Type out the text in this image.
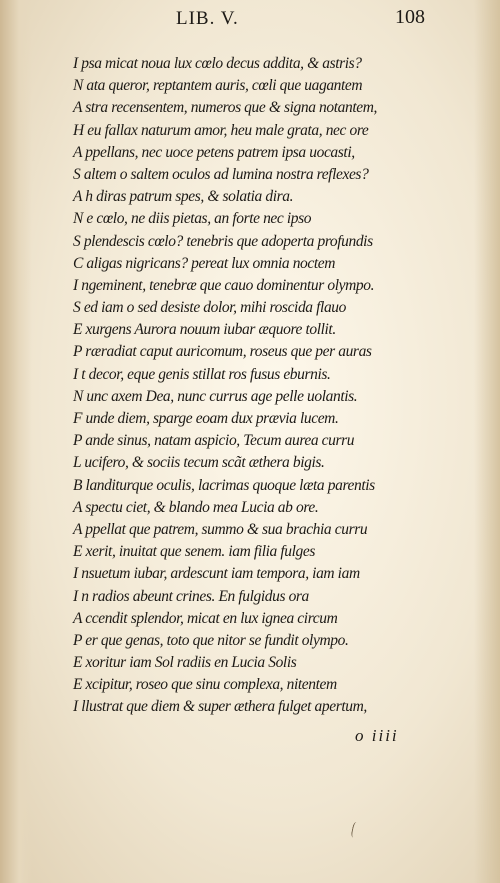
LIB. V.	108
I psa micat noua lux cœlo decus addita, & astris?
N ata queror, reptantem auris, cœli que uagantem
A stra recensentem, numeros que & signa notantem,
H eu fallax naturum amor, heu male grata, nec ore
A ppellans, nec uoce petens patrem ipsa uocasti,
S altem o saltem oculos ad lumina nostra reflexes?
A h diras patrum spes, & solatia dira.
N e cœlo, ne diis pietas, an forte nec ipso
S plendescis cœlo? tenebris que adoperta profundis
C aligas nigricans? pereat lux omnia noctem
I ngeminent, tenebræ que cauo dominentur olympo.
S ed iam o sed desiste dolor, mihi roscida flauo
E xurgens Aurora nouum iubar æquore tollit.
P ræradiat caput auricomum, roseus que per auras
I t decor, eque genis stillat ros fusus eburnis.
N unc axem Dea, nunc currus age pelle uolantis.
F unde diem, sparge eoam dux prævia lucem.
P ande sinus, natam aspicio, Tecum aurea curru
L ucifero, & sociis tecum scãt æthera bigis.
B landiturque oculis, lacrimas quoque læta parentis
A spectu ciet, & blando mea Lucia ab ore.
A ppellat que patrem, summo & sua brachia curru
E xerit, inuitat que senem. iam filia fulges
I nsuetum iubar, ardescunt iam tempora, iam iam
I n radios abeunt crines. En fulgidus ora
A ccendit splendor, micat en lux ignea circum
P er que genas, toto que nitor se fundit olympo.
E xoritur iam Sol radiis en Lucia Solis
E xcipitur, roseo que sinu complexa, nitentem
I llustrat que diem & super æthera fulget apertum,
o iiii
